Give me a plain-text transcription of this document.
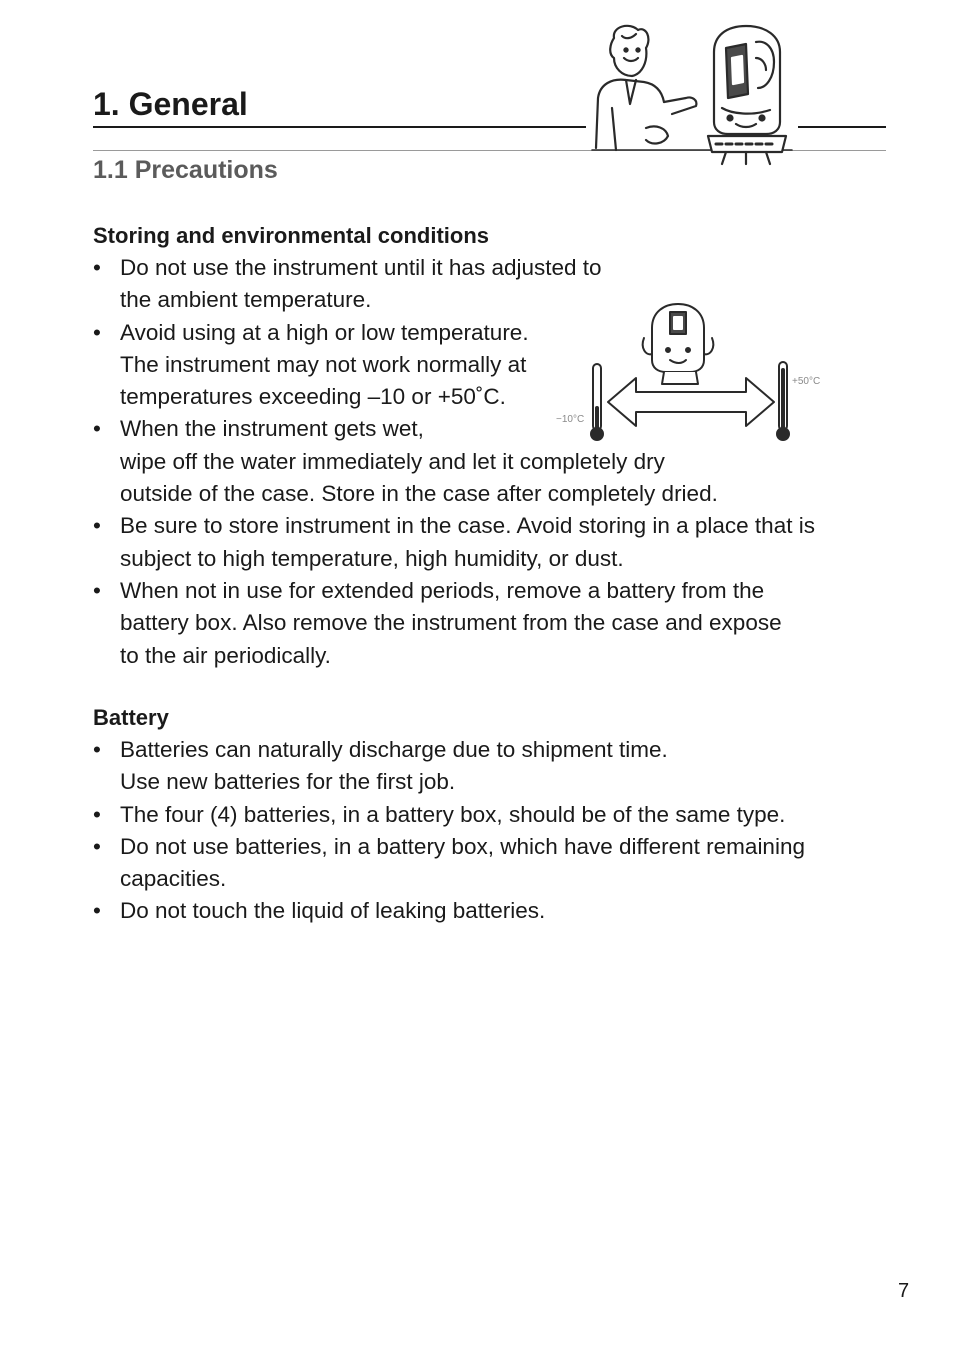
1. General
1.1 Precautions
Storing and environmental conditions
• Do not use the instrument until it has adjusted to
the ambient temperature.
• Avoid using at a high or low temperature.
The instrument may not work normally at
temperatures exceeding –10 or +50˚C.
• When the instrument gets wet,
wipe off the water immediately and let it completely dry
outside of the case. Store in the case after completely dried.
• Be sure to store instrument in the case. Avoid storing in a place that is
subject to high temperature, high humidity, or dust.
• When not in use for extended periods, remove a battery from the
battery box. Also remove the instrument from the case and expose
to the air periodically.
−10°C
+50°C
Battery
• Batteries can naturally discharge due to shipment time.
Use new batteries for the first job.
• The four (4) batteries, in a battery box, should be of the same type.
• Do not use batteries, in a battery box, which have different remaining
capacities.
• Do not touch the liquid of leaking batteries.
7
